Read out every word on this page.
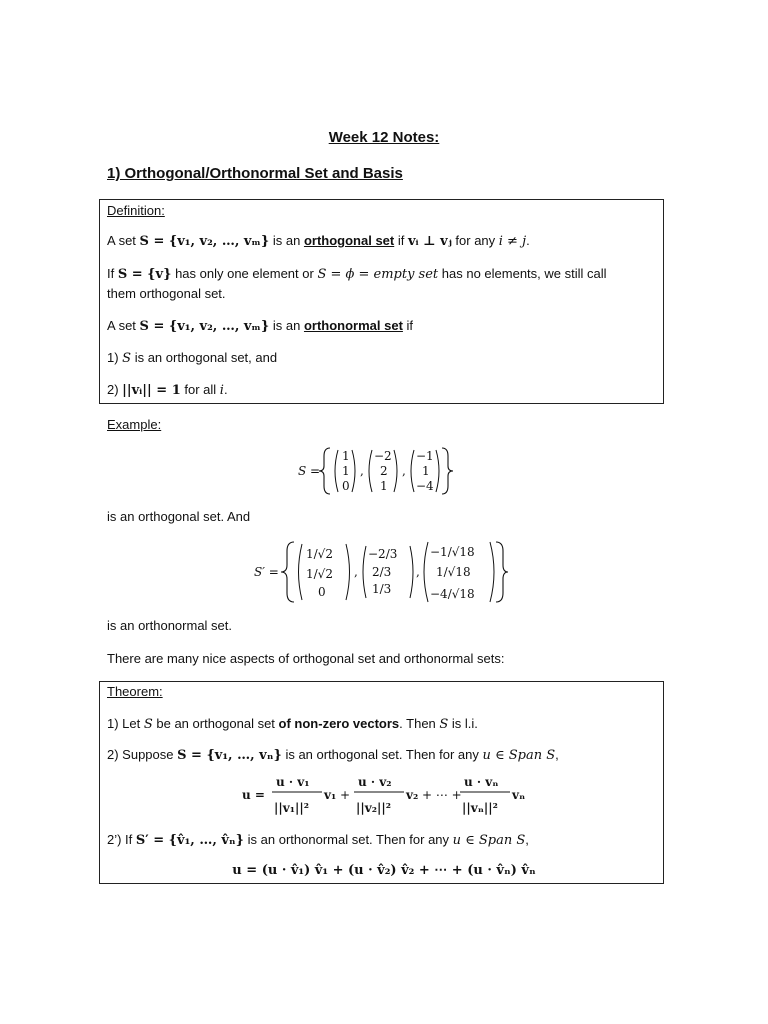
Week 12 Notes:
1) Orthogonal/Orthonormal Set and Basis
Definition:
A set S = {v₁, v₂, …, vₘ} is an orthogonal set if vᵢ ⊥ vⱼ for any i ≠ j.
If S = {v} has only one element or S = ϕ = empty set has no elements, we still call
them orthogonal set.
A set S = {v₁, v₂, …, vₘ} is an orthonormal set if
1) S is an orthogonal set, and
2) ||vᵢ|| = 1 for all i.
Example:
S =
1
1
0
,
−2
2
1
,
−1
1
−4
is an orthogonal set. And
S′ =
1/√2
1/√2
0
,
−2/3
2/3
1/3
,
−1/√18
1/√18
−4/√18
is an orthonormal set.
There are many nice aspects of orthogonal set and orthonormal sets:
Theorem:
1) Let S be an orthogonal set of non-zero vectors. Then S is l.i.
2) Suppose S = {v₁, …, vₙ} is an orthogonal set. Then for any u ∈ Span S,
u =
u · v₁
||v₁||²
v₁ +
u · v₂
||v₂||²
v₂ + ⋯ +
u · vₙ
||vₙ||²
vₙ
2’) If S′ = {v̂₁, …, v̂ₙ} is an orthonormal set. Then for any u ∈ Span S,
u = (u · v̂₁) v̂₁ + (u · v̂₂) v̂₂ + ⋯ + (u · v̂ₙ) v̂ₙ
